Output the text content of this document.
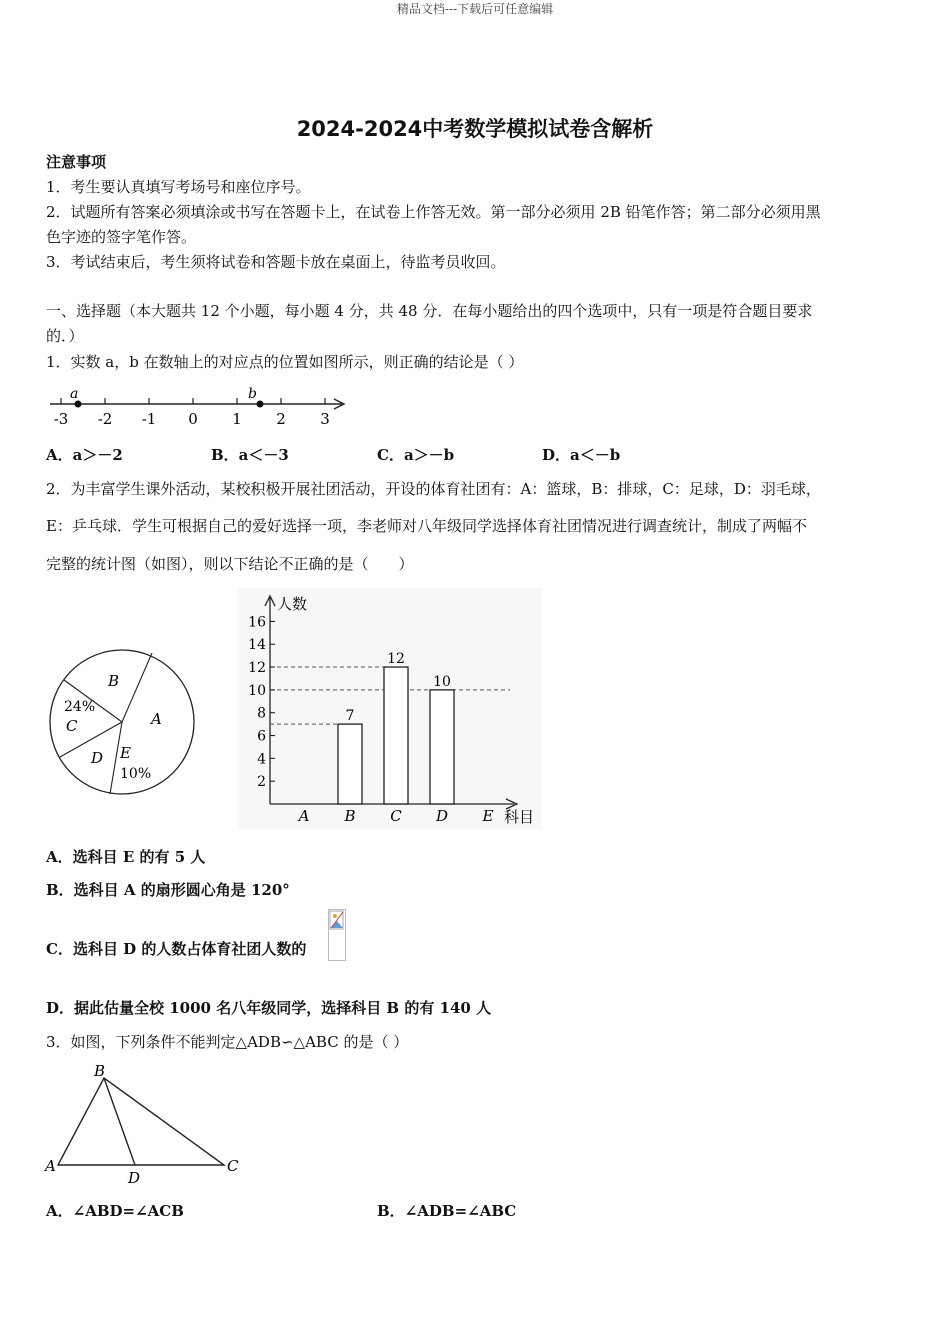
精品文档---下载后可任意编辑
2024-2024中考数学模拟试卷含解析
注意事项
1．考生要认真填写考场号和座位序号。
2．试题所有答案必须填涂或书写在答题卡上，在试卷上作答无效。第一部分必须用 2B 铅笔作答；第二部分必须用黑
色字迹的签字笔作答。
3．考试结束后，考生须将试卷和答题卡放在桌面上，待监考员收回。
一、选择题（本大题共 12 个小题，每小题 4 分，共 48 分．在每小题给出的四个选项中，只有一项是符合题目要求
的．）
1．实数 a，b 在数轴上的对应点的位置如图所示，则正确的结论是（ ）
-3 -2 -1 0 1 2 3
a	b
A．a＞－2	B．a＜－3	C．a＞－b	D．a＜－b
2．为丰富学生课外活动，某校积极开展社团活动，开设的体育社团有：A：篮球，B：排球，C：足球，D：羽毛球，
E：乒乓球．学生可根据自己的爱好选择一项，李老师对八年级同学选择体育社团情况进行调查统计，制成了两幅不
完整的统计图（如图），则以下结论不正确的是（　　）
B
24%
C	A
D E
10%
人数
科目
2
4
6
8
10
12
14
16
7
12
10
A B C D E
A．选科目 E 的有 5 人
B．选科目 A 的扇形圆心角是 120°
C．选科目 D 的人数占体育社团人数的
D．据此估量全校 1000 名八年级同学，选择科目 B 的有 140 人
3．如图，下列条件不能判定△ADB∽△ABC 的是（ ）
B
A	C
D
A．∠ABD=∠ACB	B．∠ADB=∠ABC
